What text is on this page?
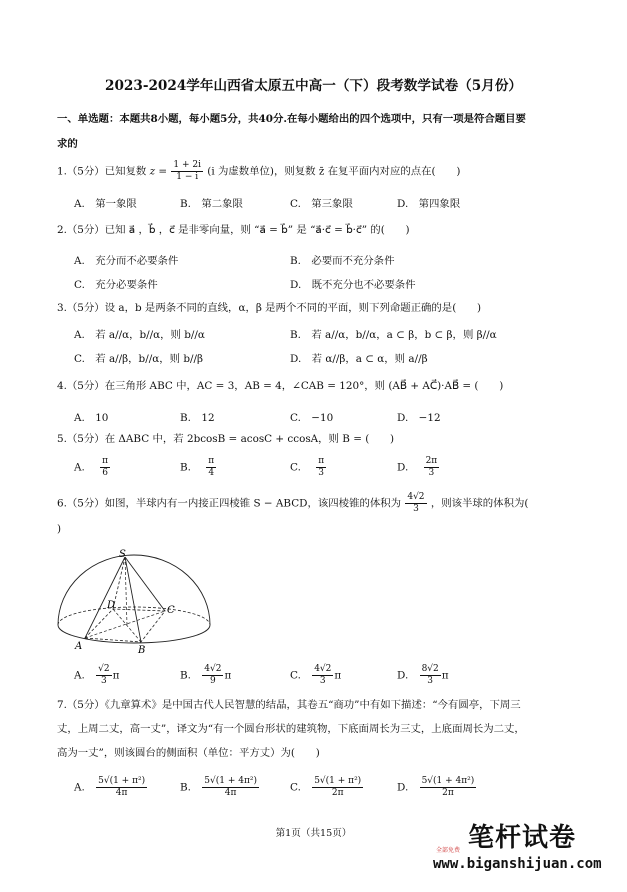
2023-2024学年山西省太原五中高一（下）段考数学试卷（5月份）
一、单选题：本题共8小题，每小题5分，共40分.在每小题给出的四个选项中，只有一项是符合题目要
求的
1.（5分）已知复数 $z = \frac{1 + 2i}{1 - i} (i$ 为虚数单位)，则复数 z̄ 在复平面内对应的点在(　　)
A.　第一象限	B.　第二象限	C.　第三象限	D.　第四象限
2.（5分）已知 a⃗ ，b⃗ ，c⃗ 是非零向量，则 “a⃗ = b⃗” 是 “a⃗·c⃗ = b⃗·c⃗” 的(　　)
A.　充分而不必要条件	B.　必要而不充分条件
C.　充分必要条件	D.　既不充分也不必要条件
3.（5分）设 a，b 是两条不同的直线，α，β 是两个不同的平面，则下列命题正确的是(　　)
A.　若 a//α，b//α，则 b//α	B.　若 a//α，b//α，a ⊂ β，b ⊂ β，则 β//α
C.　若 a//β，b//α，则 b//β	D.　若 α//β，a ⊂ α，则 a//β
4.（5分）在三角形 ABC 中，AC = 3，AB = 4，∠CAB = 120°，则 (AB⃗ + AC⃗)·AB⃗ = (　　)
A.　10	B.　12	C.　−10	D.　−12
5.（5分）在 ΔABC 中，若 2bcosB = acosC + ccosA，则 B = (　　)
A. $\frac{\pi}{6}$	B. $\frac{\pi}{4}$	C. $\frac{\pi}{3}$	D. $\frac{2\pi}{3}$
6.（5分）如图，半球内有一内接正四棱锥 S − ABCD，该四棱锥的体积为 $\frac{4√2}{3}$ ，则该半球的体积为(
)
S
D	C
A	B
A. $\frac{√2}{3}$ π	B. $\frac{4√2}{9}$ π	C. $\frac{4√2}{3}$ π	D. $\frac{8√2}{3}$ π
7.（5分）《九章算术》是中国古代人民智慧的结晶，其卷五“商功”中有如下描述：“今有圆亭，下周三
丈，上周二丈，高一丈”，译文为“有一个圆台形状的建筑物，下底面周长为三丈，上底面周长为二丈，
高为一丈”，则该圆台的侧面积（单位：平方丈）为(　　)
A. $\frac{\text{5√(1 + π²)}}{4\pi}$	B. $\frac{\text{5√(1 + 4π²)}}{4\pi}$	C. $\frac{\text{5√(1 + π²)}}{2\pi}$	D. $\frac{\text{5√(1 + 4π²)}}{2\pi}$
第1页（共15页）	笔杆试卷
全部免费
www.biganshijuan.com
